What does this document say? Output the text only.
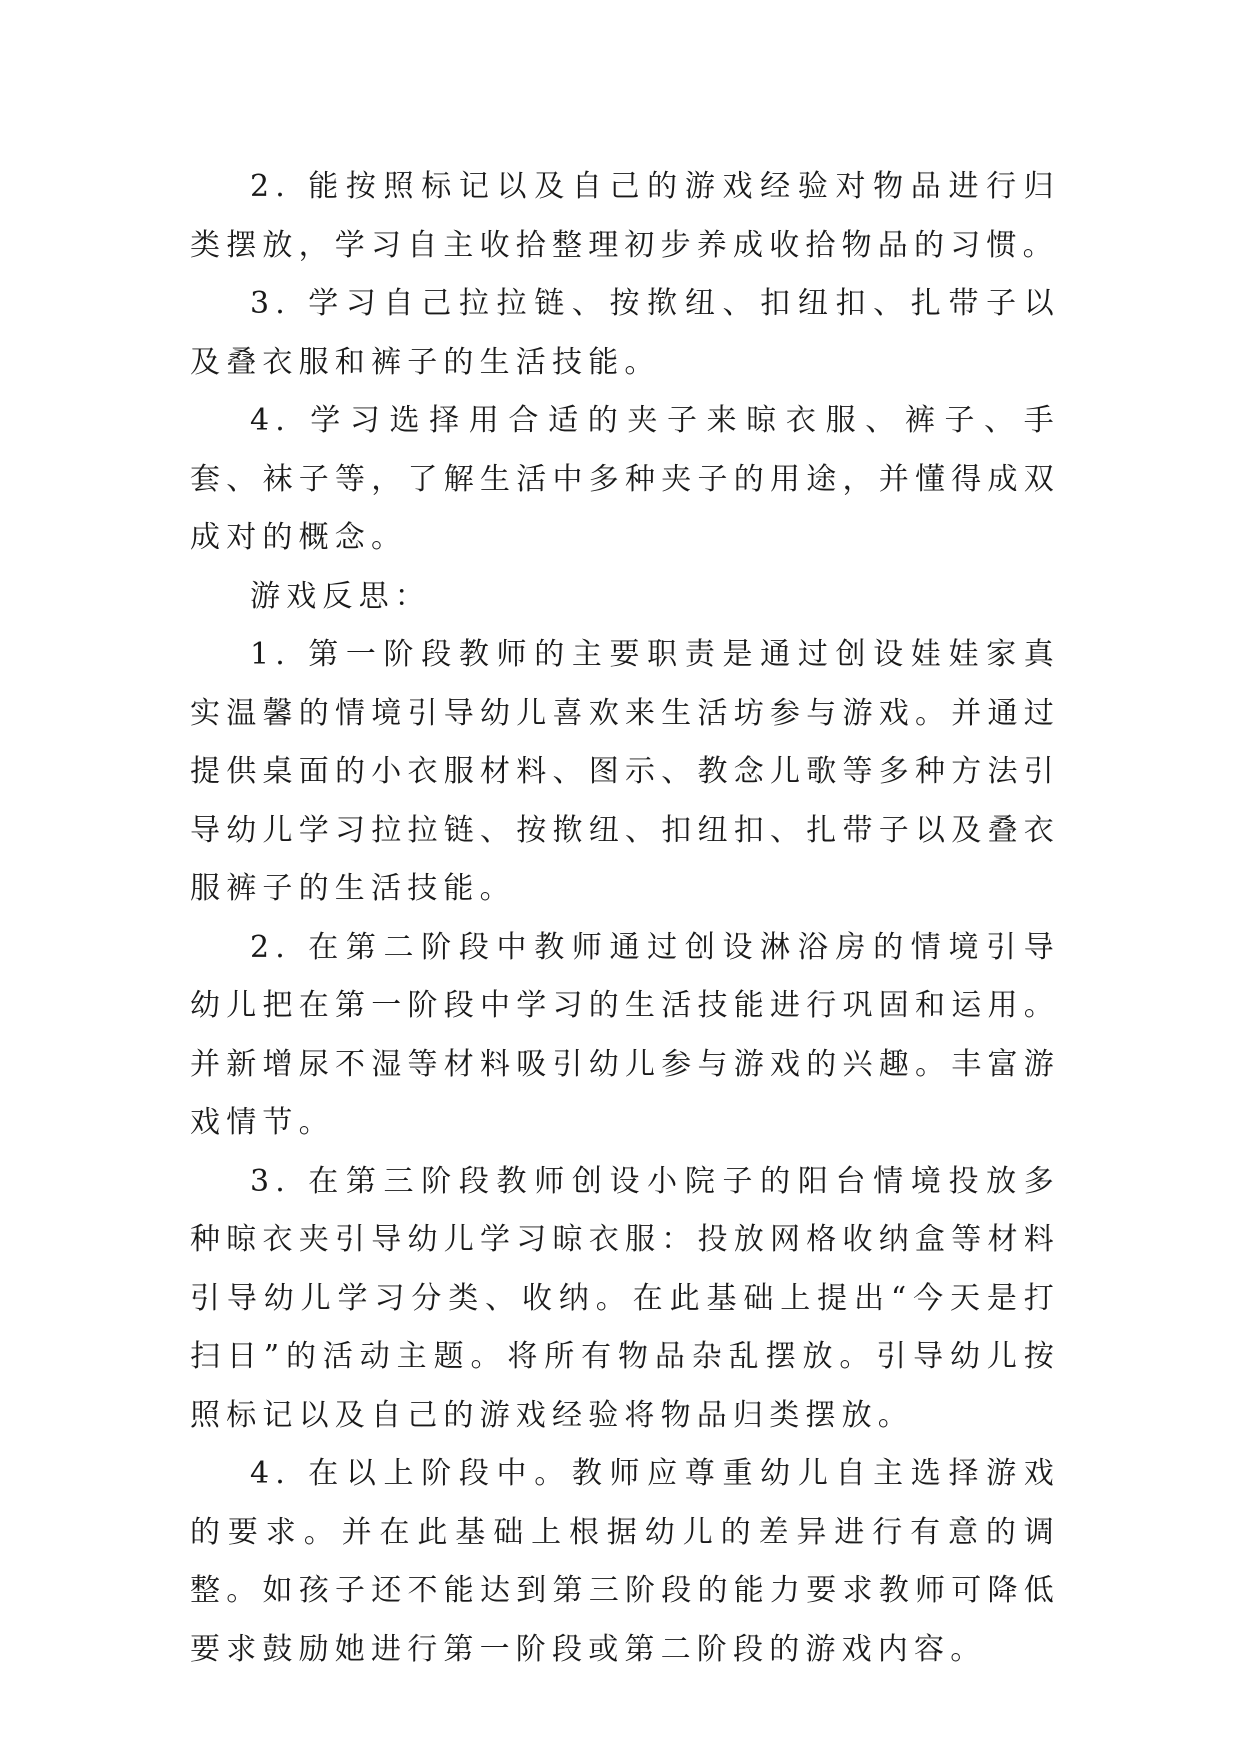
2. 能按照标记以及自己的游戏经验对物品进行归类摆放，学习自主收拾整理初步养成收拾物品的习惯。

3. 学习自己拉拉链、按揿纽、扣纽扣、扎带子以及叠衣服和裤子的生活技能。

4. 学习选择用合适的夹子来晾衣服、裤子、手套、袜子等，了解生活中多种夹子的用途，并懂得成双成对的概念。

游戏反思：

1. 第一阶段教师的主要职责是通过创设娃娃家真实温馨的情境引导幼儿喜欢来生活坊参与游戏。并通过提供桌面的小衣服材料、图示、教念儿歌等多种方法引导幼儿学习拉拉链、按揿纽、扣纽扣、扎带子以及叠衣服裤子的生活技能。

2. 在第二阶段中教师通过创设淋浴房的情境引导幼儿把在第一阶段中学习的生活技能进行巩固和运用。并新增尿不湿等材料吸引幼儿参与游戏的兴趣。丰富游戏情节。

3. 在第三阶段教师创设小院子的阳台情境投放多种晾衣夹引导幼儿学习晾衣服：投放网格收纳盒等材料引导幼儿学习分类、收纳。在此基础上提出“今天是打扫日”的活动主题。将所有物品杂乱摆放。引导幼儿按照标记以及自己的游戏经验将物品归类摆放。

4. 在以上阶段中。教师应尊重幼儿自主选择游戏的要求。并在此基础上根据幼儿的差异进行有意的调整。如孩子还不能达到第三阶段的能力要求教师可降低要求鼓励她进行第一阶段或第二阶段的游戏内容。
